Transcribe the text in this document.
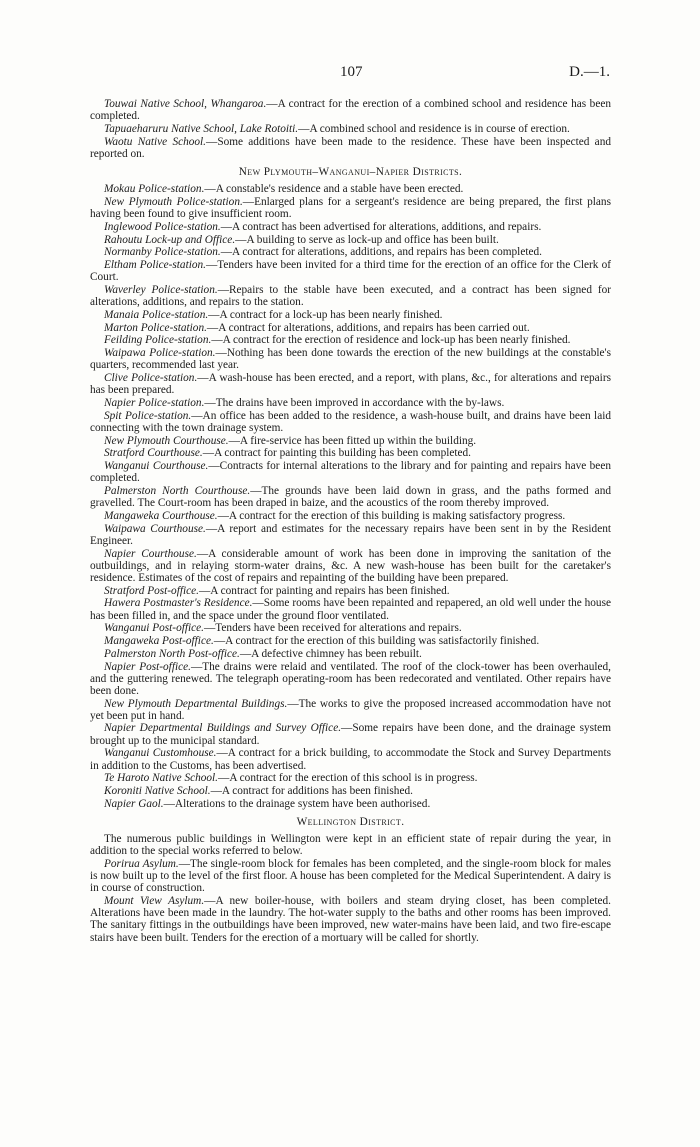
107	D.—1.

Touwai Native School, Whangaroa.—A contract for the erection of a combined school and residence has been completed.

Tapuaeharuru Native School, Lake Rotoiti.—A combined school and residence is in course of erection.

Waotu Native School.—Some additions have been made to the residence. These have been inspected and reported on.

New Plymouth–Wanganui–Napier Districts.

Mokau Police-station.—A constable's residence and a stable have been erected.

New Plymouth Police-station.—Enlarged plans for a sergeant's residence are being prepared, the first plans having been found to give insufficient room.

Inglewood Police-station.—A contract has been advertised for alterations, additions, and repairs.

Rahoutu Lock-up and Office.—A building to serve as lock-up and office has been built.

Normanby Police-station.—A contract for alterations, additions, and repairs has been completed.

Eltham Police-station.—Tenders have been invited for a third time for the erection of an office for the Clerk of Court.

Waverley Police-station.—Repairs to the stable have been executed, and a contract has been signed for alterations, additions, and repairs to the station.

Manaia Police-station.—A contract for a lock-up has been nearly finished.

Marton Police-station.—A contract for alterations, additions, and repairs has been carried out.

Feilding Police-station.—A contract for the erection of residence and lock-up has been nearly finished.

Waipawa Police-station.—Nothing has been done towards the erection of the new buildings at the constable's quarters, recommended last year.

Clive Police-station.—A wash-house has been erected, and a report, with plans, &c., for alterations and repairs has been prepared.

Napier Police-station.—The drains have been improved in accordance with the by-laws.

Spit Police-station.—An office has been added to the residence, a wash-house built, and drains have been laid connecting with the town drainage system.

New Plymouth Courthouse.—A fire-service has been fitted up within the building.

Stratford Courthouse.—A contract for painting this building has been completed.

Wanganui Courthouse.—Contracts for internal alterations to the library and for painting and repairs have been completed.

Palmerston North Courthouse.—The grounds have been laid down in grass, and the paths formed and gravelled. The Court-room has been draped in baize, and the acoustics of the room thereby improved.

Mangaweka Courthouse.—A contract for the erection of this building is making satisfactory progress.

Waipawa Courthouse.—A report and estimates for the necessary repairs have been sent in by the Resident Engineer.

Napier Courthouse.—A considerable amount of work has been done in improving the sanitation of the outbuildings, and in relaying storm-water drains, &c. A new wash-house has been built for the caretaker's residence. Estimates of the cost of repairs and repainting of the building have been prepared.

Stratford Post-office.—A contract for painting and repairs has been finished.

Hawera Postmaster's Residence.—Some rooms have been repainted and repapered, an old well under the house has been filled in, and the space under the ground floor ventilated.

Wanganui Post-office.—Tenders have been received for alterations and repairs.

Mangaweka Post-office.—A contract for the erection of this building was satisfactorily finished.

Palmerston North Post-office.—A defective chimney has been rebuilt.

Napier Post-office.—The drains were relaid and ventilated. The roof of the clock-tower has been overhauled, and the guttering renewed. The telegraph operating-room has been redecorated and ventilated. Other repairs have been done.

New Plymouth Departmental Buildings.—The works to give the proposed increased accommodation have not yet been put in hand.

Napier Departmental Buildings and Survey Office.—Some repairs have been done, and the drainage system brought up to the municipal standard.

Wanganui Customhouse.—A contract for a brick building, to accommodate the Stock and Survey Departments in addition to the Customs, has been advertised.

Te Haroto Native School.—A contract for the erection of this school is in progress.

Koroniti Native School.—A contract for additions has been finished.

Napier Gaol.—Alterations to the drainage system have been authorised.

Wellington District.

The numerous public buildings in Wellington were kept in an efficient state of repair during the year, in addition to the special works referred to below.

Porirua Asylum.—The single-room block for females has been completed, and the single-room block for males is now built up to the level of the first floor. A house has been completed for the Medical Superintendent. A dairy is in course of construction.

Mount View Asylum.—A new boiler-house, with boilers and steam drying closet, has been completed. Alterations have been made in the laundry. The hot-water supply to the baths and other rooms has been improved. The sanitary fittings in the outbuildings have been improved, new water-mains have been laid, and two fire-escape stairs have been built. Tenders for the erection of a mortuary will be called for shortly.
